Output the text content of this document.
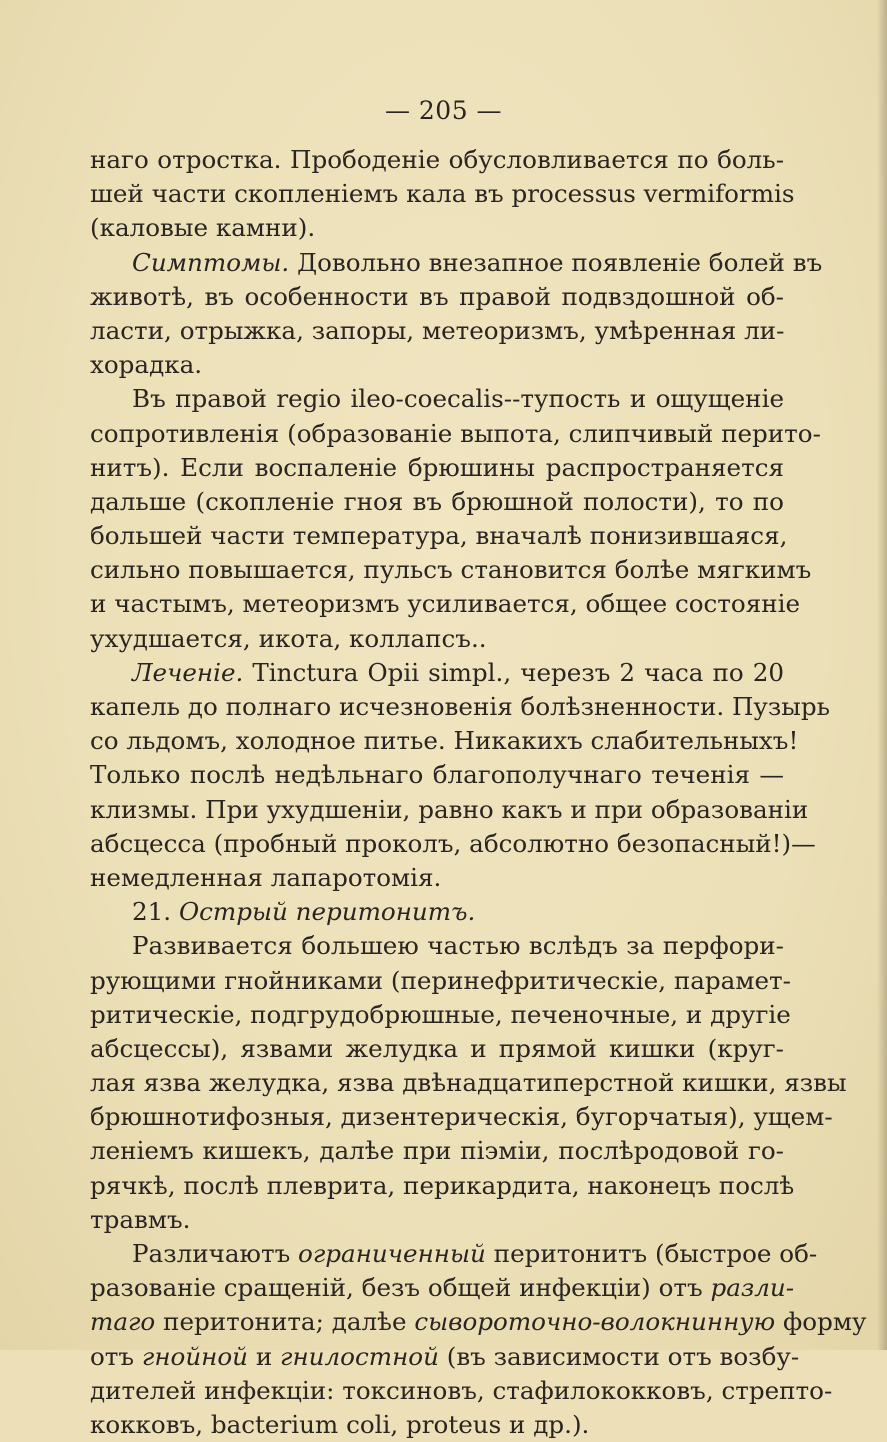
— 205 —
наго отростка. Прободеніе обусловливается по боль-
шей части скопленіемъ кала въ processus vermiformis
(каловые камни).
Симптомы. Довольно внезапное появленіе болей въ
животѣ, въ особенности въ правой подвздошной об-
ласти, отрыжка, запоры, метеоризмъ, умѣренная ли-
хорадка.
Въ правой regio ileo-coecalis--тупость и ощущеніе
сопротивленія (образованіе выпота, слипчивый перито-
нитъ). Если воспаленіе брюшины распространяется
дальше (скопленіе гноя въ брюшной полости), то по
большей части температура, вначалѣ понизившаяся,
сильно повышается, пульсъ становится болѣе мягкимъ
и частымъ, метеоризмъ усиливается, общее состояніе
ухудшается, икота, коллапсъ..
Леченіе. Tinctura Opii simpl., черезъ 2 часа по 20
капель до полнаго исчезновенія болѣзненности. Пузырь
со льдомъ, холодное питье. Никакихъ слабительныхъ!
Только послѣ недѣльнаго благополучнаго теченія —
клизмы. При ухудшеніи, равно какъ и при образованіи
абсцесса (пробный проколъ, абсолютно безопасный!)—
немедленная лапаротомія.
21. Острый перитонитъ.
Развивается большею частью вслѣдъ за перфори-
рующими гнойниками (перинефритическіе, парамет-
ритическіе, подгрудобрюшные, печеночные, и другіе
абсцессы), язвами желудка и прямой кишки (круг-
лая язва желудка, язва двѣнадцатиперстной кишки, язвы
брюшнотифозныя, дизентерическія, бугорчатыя), ущем-
леніемъ кишекъ, далѣе при піэміи, послѣродовой го-
рячкѣ, послѣ плеврита, перикардита, наконецъ послѣ
травмъ.
Различаютъ ограниченный перитонитъ (быстрое об-
разованіе сращеній, безъ общей инфекціи) отъ разли-
таго перитонита; далѣе сывороточно-волокнинную форму
отъ гнойной и гнилостной (въ зависимости отъ возбу-
дителей инфекціи: токсиновъ, стафилококковъ, стрепто-
кокковъ, bacterium coli, proteus и др.).
